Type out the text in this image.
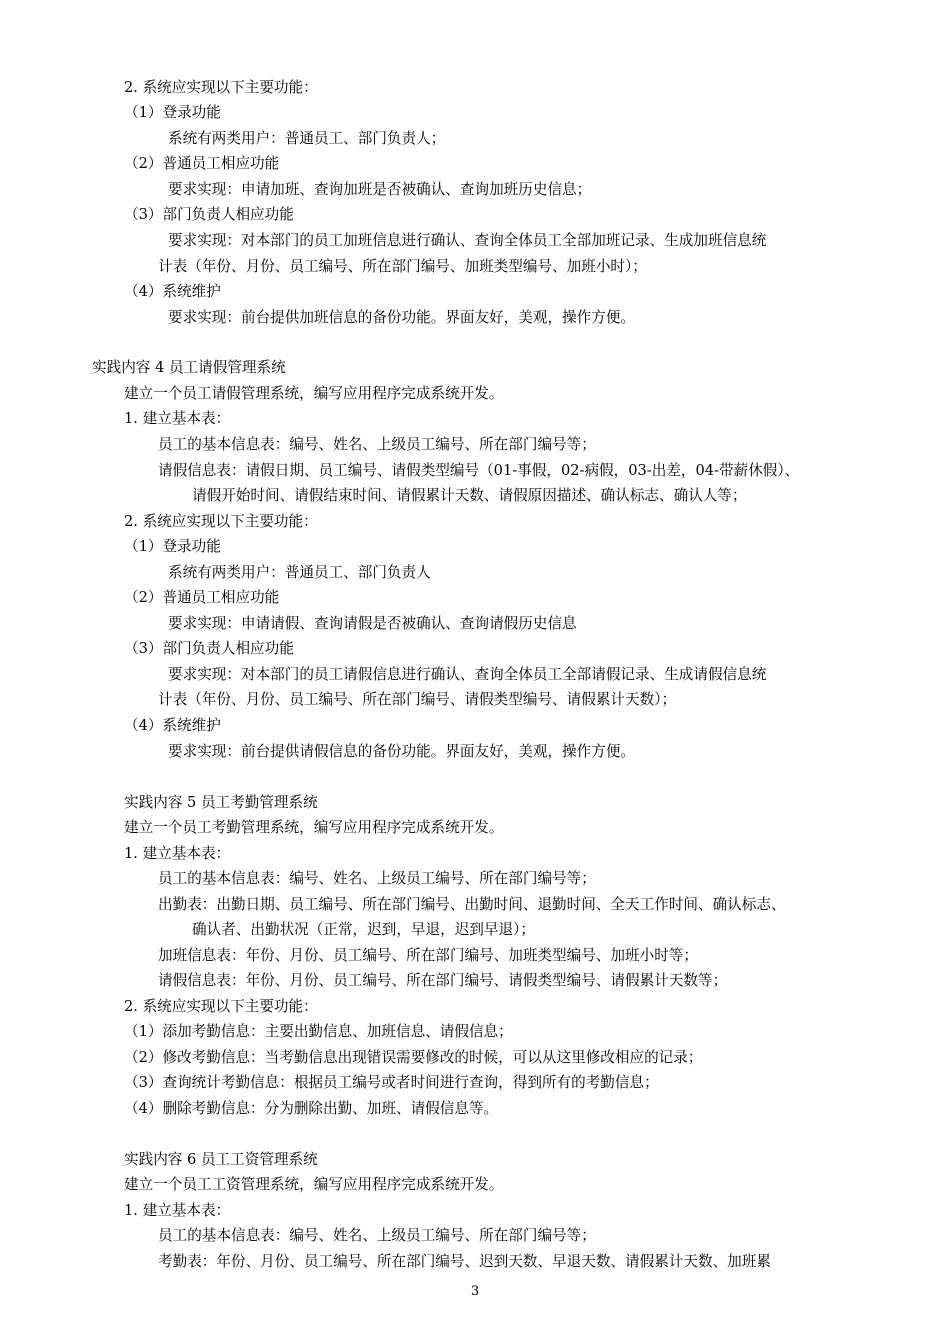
2. 系统应实现以下主要功能：
（1）登录功能
系统有两类用户：普通员工、部门负责人；
（2）普通员工相应功能
要求实现：申请加班、查询加班是否被确认、查询加班历史信息；
（3）部门负责人相应功能
要求实现：对本部门的员工加班信息进行确认、查询全体员工全部加班记录、生成加班信息统
计表（年份、月份、员工编号、所在部门编号、加班类型编号、加班小时）；
（4）系统维护
要求实现：前台提供加班信息的备份功能。界面友好，美观，操作方便。
实践内容 4 员工请假管理系统
建立一个员工请假管理系统，编写应用程序完成系统开发。
1. 建立基本表：
员工的基本信息表：编号、姓名、上级员工编号、所在部门编号等；
请假信息表：请假日期、员工编号、请假类型编号（01-事假，02-病假，03-出差，04-带薪休假）、
请假开始时间、请假结束时间、请假累计天数、请假原因描述、确认标志、确认人等；
2. 系统应实现以下主要功能：
（1）登录功能
系统有两类用户：普通员工、部门负责人
（2）普通员工相应功能
要求实现：申请请假、查询请假是否被确认、查询请假历史信息
（3）部门负责人相应功能
要求实现：对本部门的员工请假信息进行确认、查询全体员工全部请假记录、生成请假信息统
计表（年份、月份、员工编号、所在部门编号、请假类型编号、请假累计天数）；
（4）系统维护
要求实现：前台提供请假信息的备份功能。界面友好，美观，操作方便。
实践内容 5 员工考勤管理系统
建立一个员工考勤管理系统，编写应用程序完成系统开发。
1. 建立基本表：
员工的基本信息表：编号、姓名、上级员工编号、所在部门编号等；
出勤表：出勤日期、员工编号、所在部门编号、出勤时间、退勤时间、全天工作时间、确认标志、
确认者、出勤状况（正常，迟到，早退，迟到早退）；
加班信息表：年份、月份、员工编号、所在部门编号、加班类型编号、加班小时等；
请假信息表：年份、月份、员工编号、所在部门编号、请假类型编号、请假累计天数等；
2. 系统应实现以下主要功能：
（1）添加考勤信息：主要出勤信息、加班信息、请假信息；
（2）修改考勤信息：当考勤信息出现错误需要修改的时候，可以从这里修改相应的记录；
（3）查询统计考勤信息：根据员工编号或者时间进行查询，得到所有的考勤信息；
（4）删除考勤信息：分为删除出勤、加班、请假信息等。
实践内容 6 员工工资管理系统
建立一个员工工资管理系统，编写应用程序完成系统开发。
1. 建立基本表：
员工的基本信息表：编号、姓名、上级员工编号、所在部门编号等；
考勤表：年份、月份、员工编号、所在部门编号、迟到天数、早退天数、请假累计天数、加班累
3
